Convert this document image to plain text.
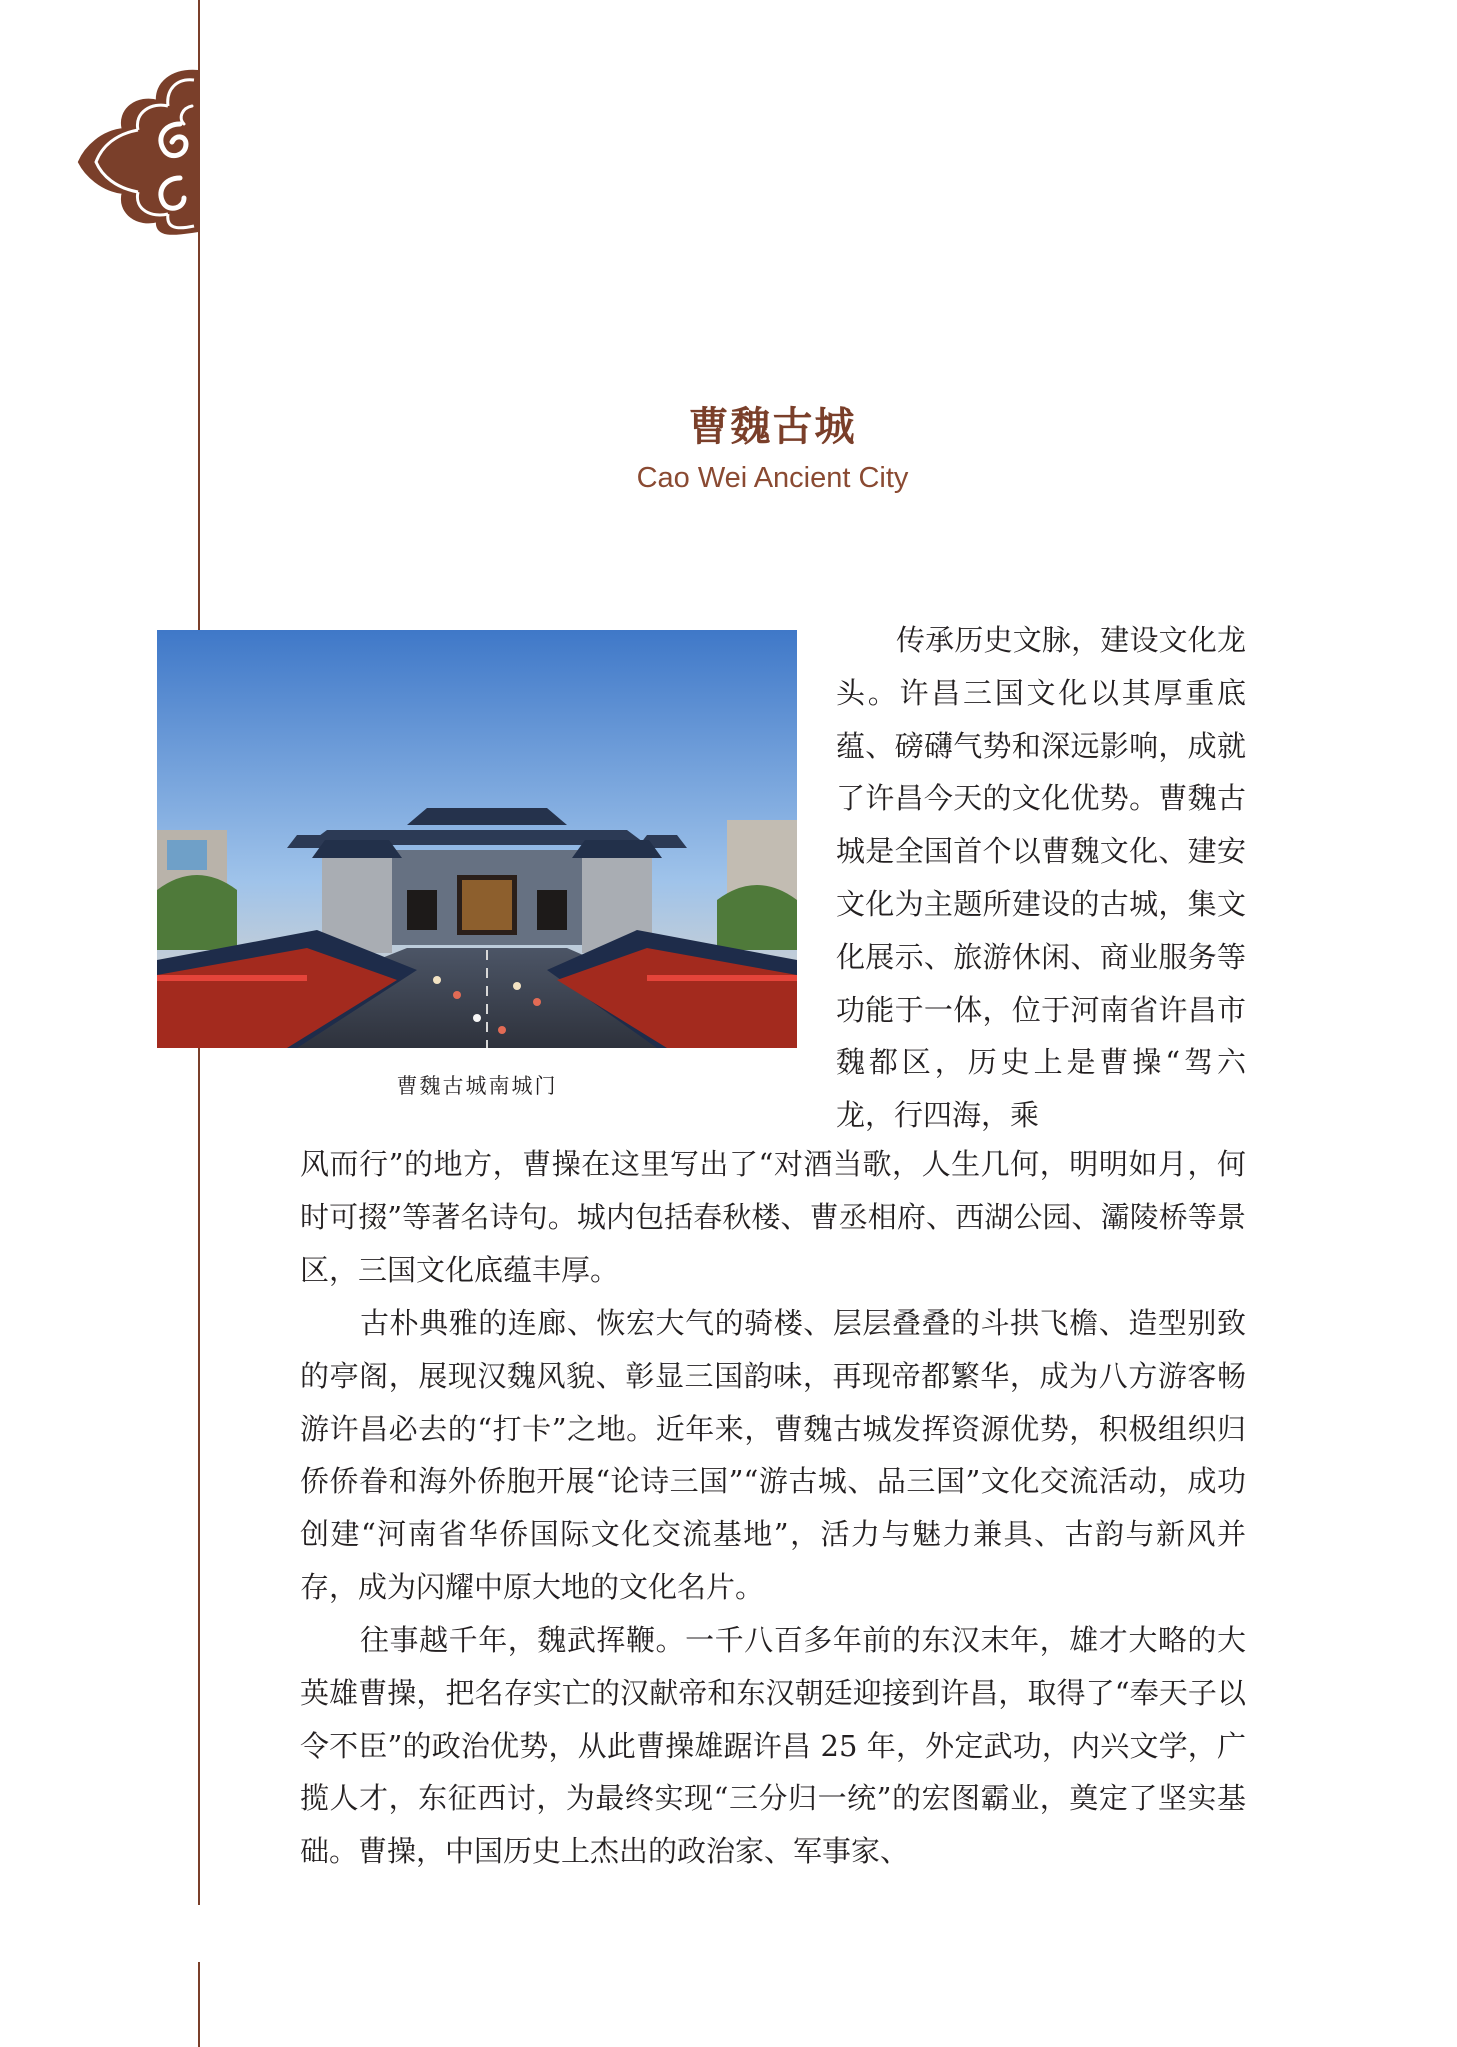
曹魏古城
Cao Wei Ancient City
曹魏古城南城门

传承历史文脉，建设文化龙头。许昌三国文化以其厚重底蕴、磅礴气势和深远影响，成就了许昌今天的文化优势。曹魏古城是全国首个以曹魏文化、建安文化为主题所建设的古城，集文化展示、旅游休闲、商业服务等功能于一体，位于河南省许昌市魏都区，历史上是曹操“驾六龙，行四海，乘

风而行”的地方，曹操在这里写出了“对酒当歌，人生几何，明明如月，何时可掇”等著名诗句。城内包括春秋楼、曹丞相府、西湖公园、灞陵桥等景区，三国文化底蕴丰厚。

古朴典雅的连廊、恢宏大气的骑楼、层层叠叠的斗拱飞檐、造型别致的亭阁，展现汉魏风貌、彰显三国韵味，再现帝都繁华，成为八方游客畅游许昌必去的“打卡”之地。近年来，曹魏古城发挥资源优势，积极组织归侨侨眷和海外侨胞开展“论诗三国”“游古城、品三国”文化交流活动，成功创建“河南省华侨国际文化交流基地”，活力与魅力兼具、古韵与新风并存，成为闪耀中原大地的文化名片。

往事越千年，魏武挥鞭。一千八百多年前的东汉末年，雄才大略的大英雄曹操，把名存实亡的汉献帝和东汉朝廷迎接到许昌，取得了“奉天子以令不臣”的政治优势，从此曹操雄踞许昌 25 年，外定武功，内兴文学，广揽人才，东征西讨，为最终实现“三分归一统”的宏图霸业，奠定了坚实基础。曹操，中国历史上杰出的政治家、军事家、
